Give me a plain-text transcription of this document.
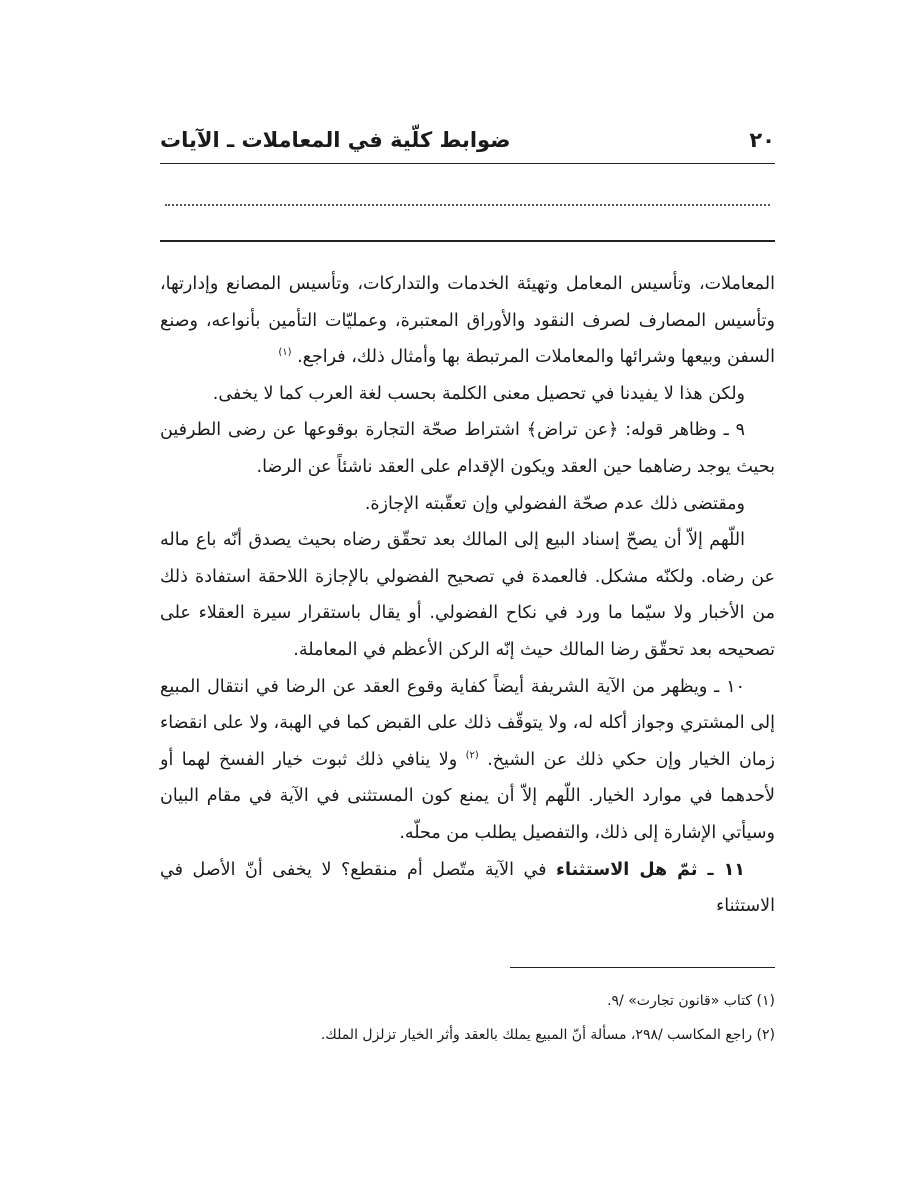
٢٠
ضوابط كلّية في المعاملات ـ الآيات

المعاملات، وتأسيس المعامل وتهيئة الخدمات والتداركات، وتأسيس المصانع وإدارتها، وتأسيس المصارف لصرف النقود والأوراق المعتبرة، وعمليّات التأمين بأنواعه، وصنع السفن وبيعها وشرائها والمعاملات المرتبطة بها وأمثال ذلك، فراجع. $^{(١)}$

ولكن هذا لا يفيدنا في تحصيل معنى الكلمة بحسب لغة العرب كما لا يخفى.

٩ ـ وظاهر قوله: ﴿عن تراض﴾ اشتراط صحّة التجارة بوقوعها عن رضى الطرفين بحيث يوجد رضاهما حين العقد ويكون الإقدام على العقد ناشئاً عن الرضا.

ومقتضى ذلك عدم صحّة الفضولي وإن تعقّبته الإجازة.

اللّهم إلاّ أن يصحّ إسناد البيع إلى المالك بعد تحقّق رضاه بحيث يصدق أنّه باع ماله عن رضاه. ولكنّه مشكل. فالعمدة في تصحيح الفضولي بالإجازة اللاحقة استفادة ذلك من الأخبار ولا سيّما ما ورد في نكاح الفضولي. أو يقال باستقرار سيرة العقلاء على تصحيحه بعد تحقّق رضا المالك حيث إنّه الركن الأعظم في المعاملة.

١٠ ـ ويظهر من الآية الشريفة أيضاً كفاية وقوع العقد عن الرضا في انتقال المبيع إلى المشتري وجواز أكله له، ولا يتوقّف ذلك على القبض كما في الهبة، ولا على انقضاء زمان الخيار وإن حكي ذلك عن الشيخ. $^{(٢)}$ ولا ينافي ذلك ثبوت خيار الفسخ لهما أو لأحدهما في موارد الخيار. اللّهم إلاّ أن يمنع كون المستثنى في الآية في مقام البيان وسيأتي الإشارة إلى ذلك، والتفصيل يطلب من محلّه.

١١ ـ ثمّ هل الاستثناء في الآية متّصل أم منقطع؟ لا يخفى أنّ الأصل في الاستثناء

(١) كتاب «قانون تجارت» /٩.

(٢) راجع المكاسب /٢٩٨، مسألة أنّ المبيع يملك بالعقد وأثر الخيار تزلزل الملك.
